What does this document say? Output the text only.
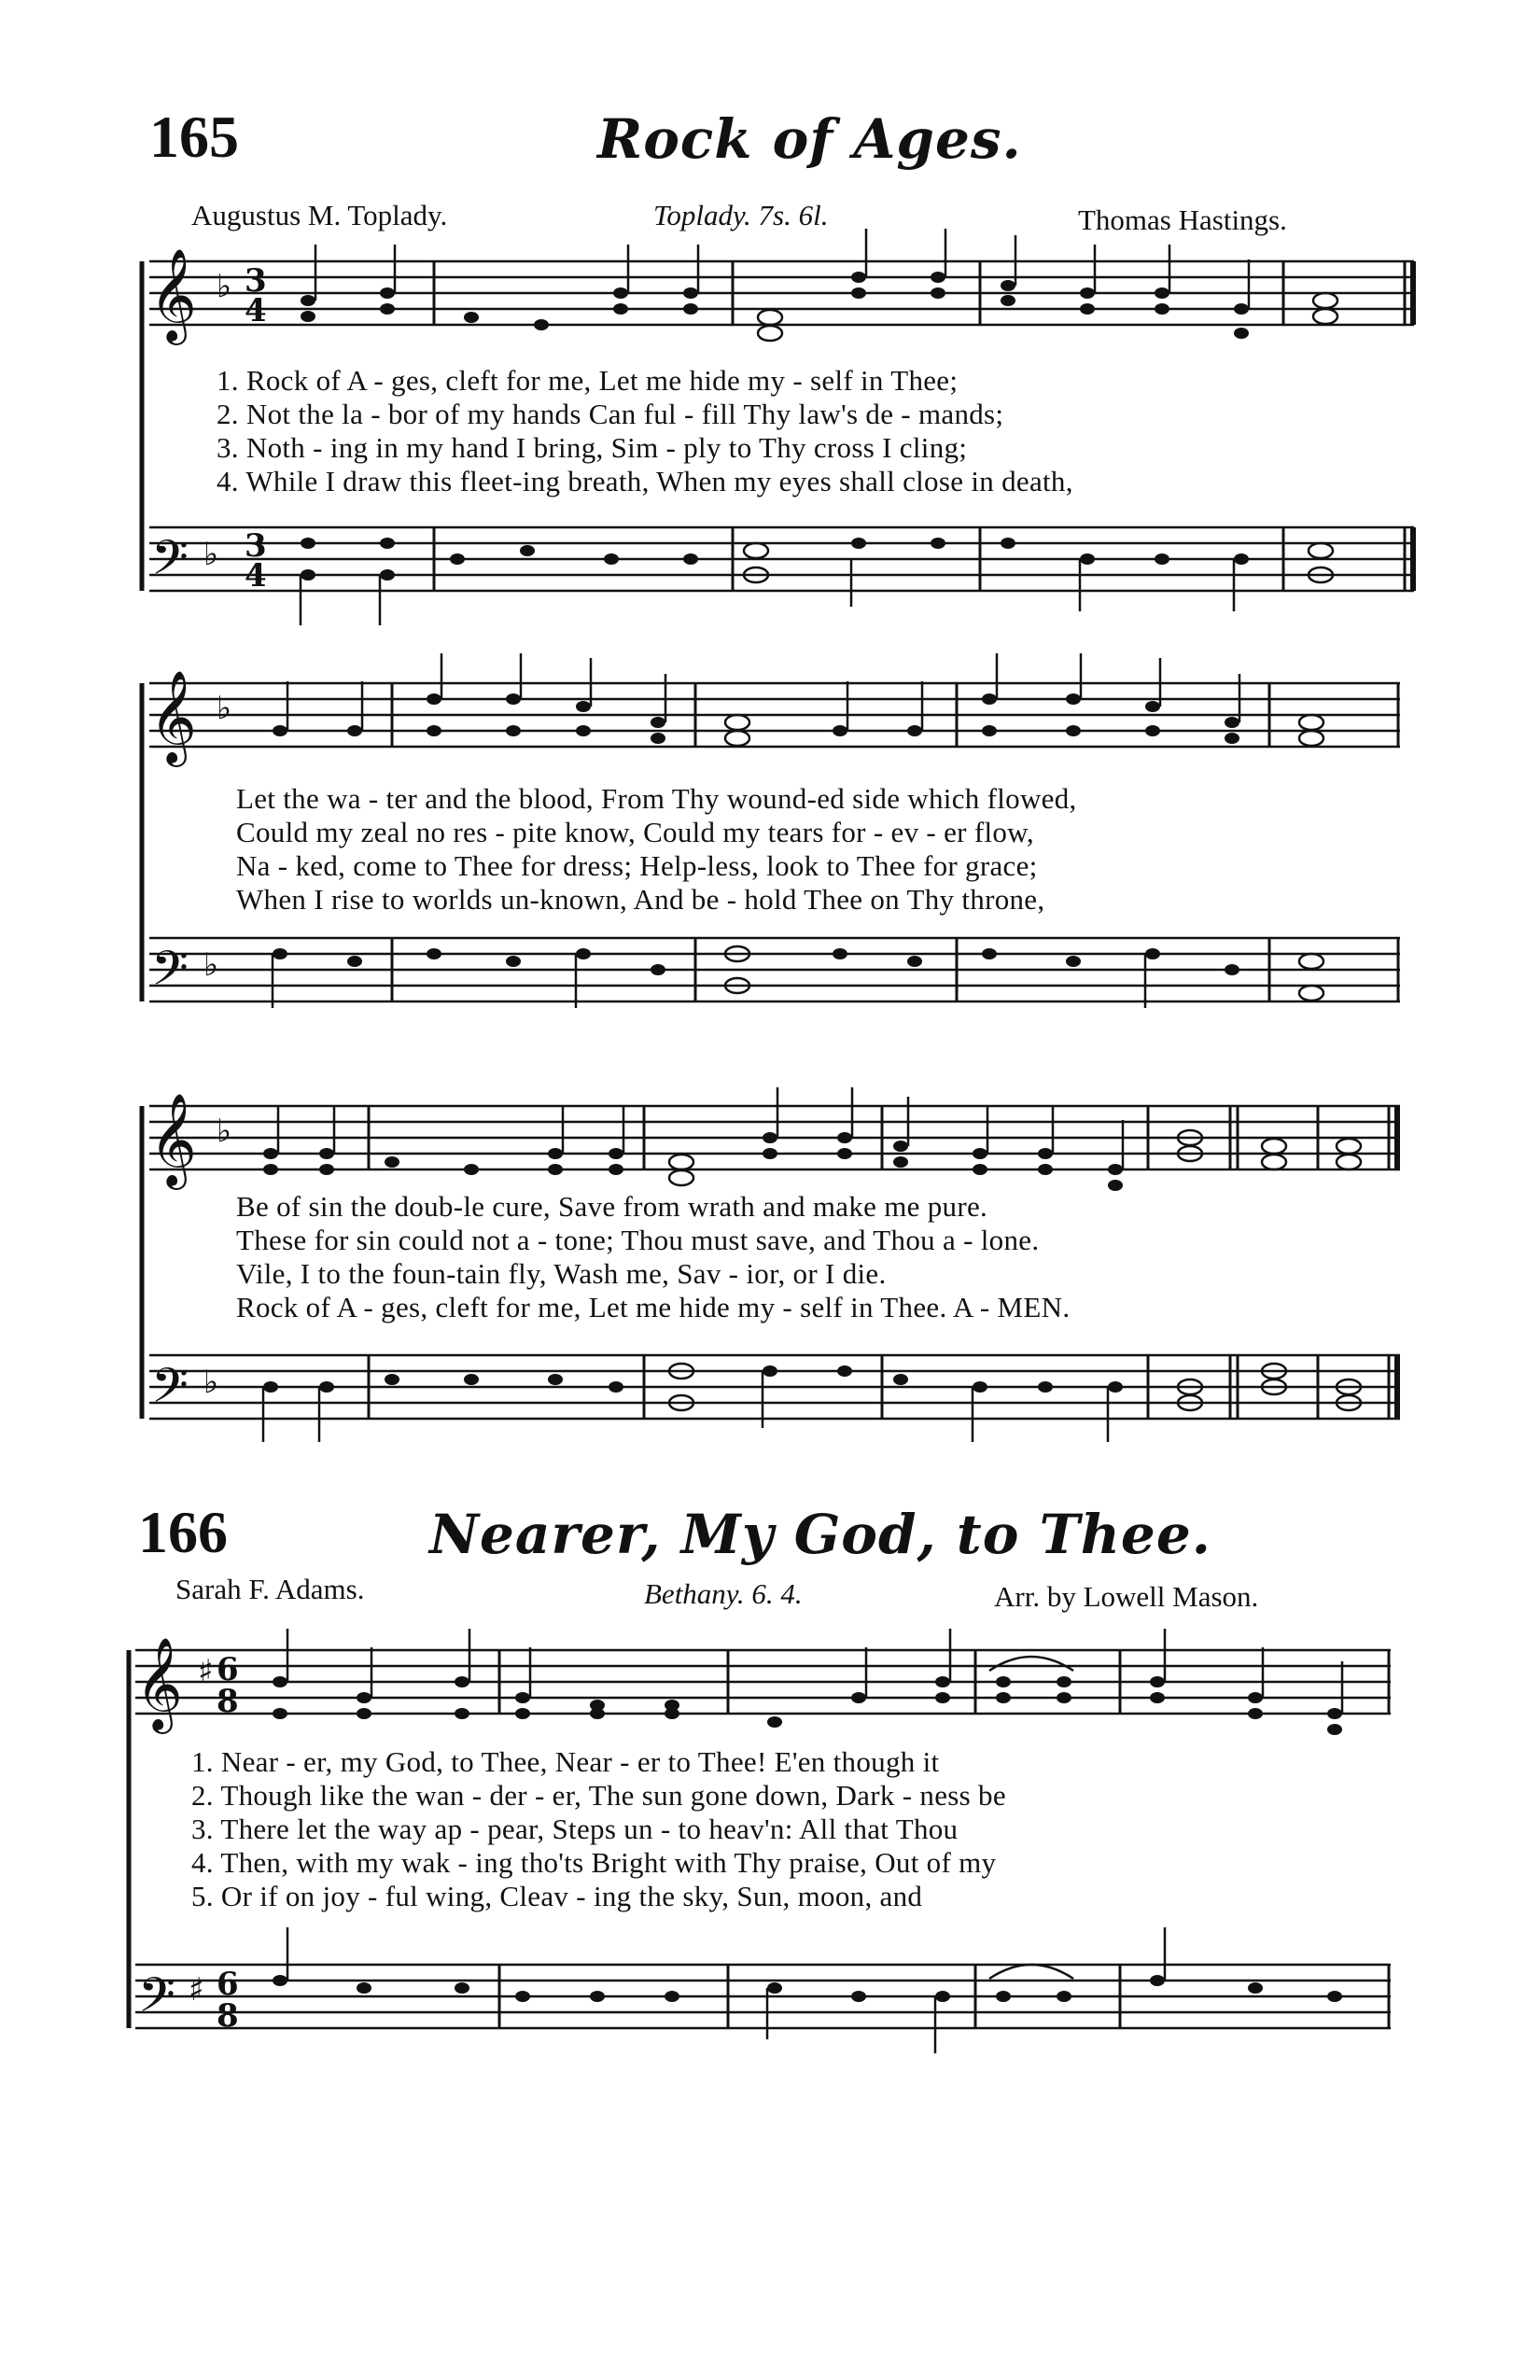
165	Rock of Ages.
Augustus M. Toplady.	Toplady. 7s. 6l.	Thomas Hastings.
𝄞
𝄢
♭
♭
3
4
3
4
1. Rock of A - ges, cleft for me, Let me hide my - self in Thee;
2. Not the la - bor of my hands Can ful - fill Thy law's de - mands;
3. Noth - ing in my hand I bring, Sim - ply to Thy cross I cling;
4. While I draw this fleet-ing breath, When my eyes shall close in death,
𝄞
𝄢
♭
♭
Let the wa - ter and the blood, From Thy wound-ed side which flowed,
Could my zeal no res - pite know, Could my tears for - ev - er flow,
Na - ked, come to Thee for dress; Help-less, look to Thee for grace;
When I rise to worlds un-known, And be - hold Thee on Thy throne,
𝄞
𝄢
♭
♭
Be of sin the doub-le cure, Save from wrath and make me pure.
These for sin could not a - tone; Thou must save, and Thou a - lone.
Vile, I to the foun-tain fly, Wash me, Sav - ior, or I die.
Rock of A - ges, cleft for me, Let me hide my - self in Thee. A - MEN.
166	Nearer, My God, to Thee.
Sarah F. Adams.	Bethany. 6. 4.	Arr. by Lowell Mason.
𝄞
𝄢
♯
♯
6
8
6
8
1. Near - er, my God, to Thee, Near - er to Thee! E'en though it
2. Though like the wan - der - er, The sun gone down, Dark - ness be
3. There let the way ap - pear, Steps un - to heav'n: All that Thou
4. Then, with my wak - ing tho'ts Bright with Thy praise, Out of my
5. Or if on joy - ful wing, Cleav - ing the sky, Sun, moon, and
